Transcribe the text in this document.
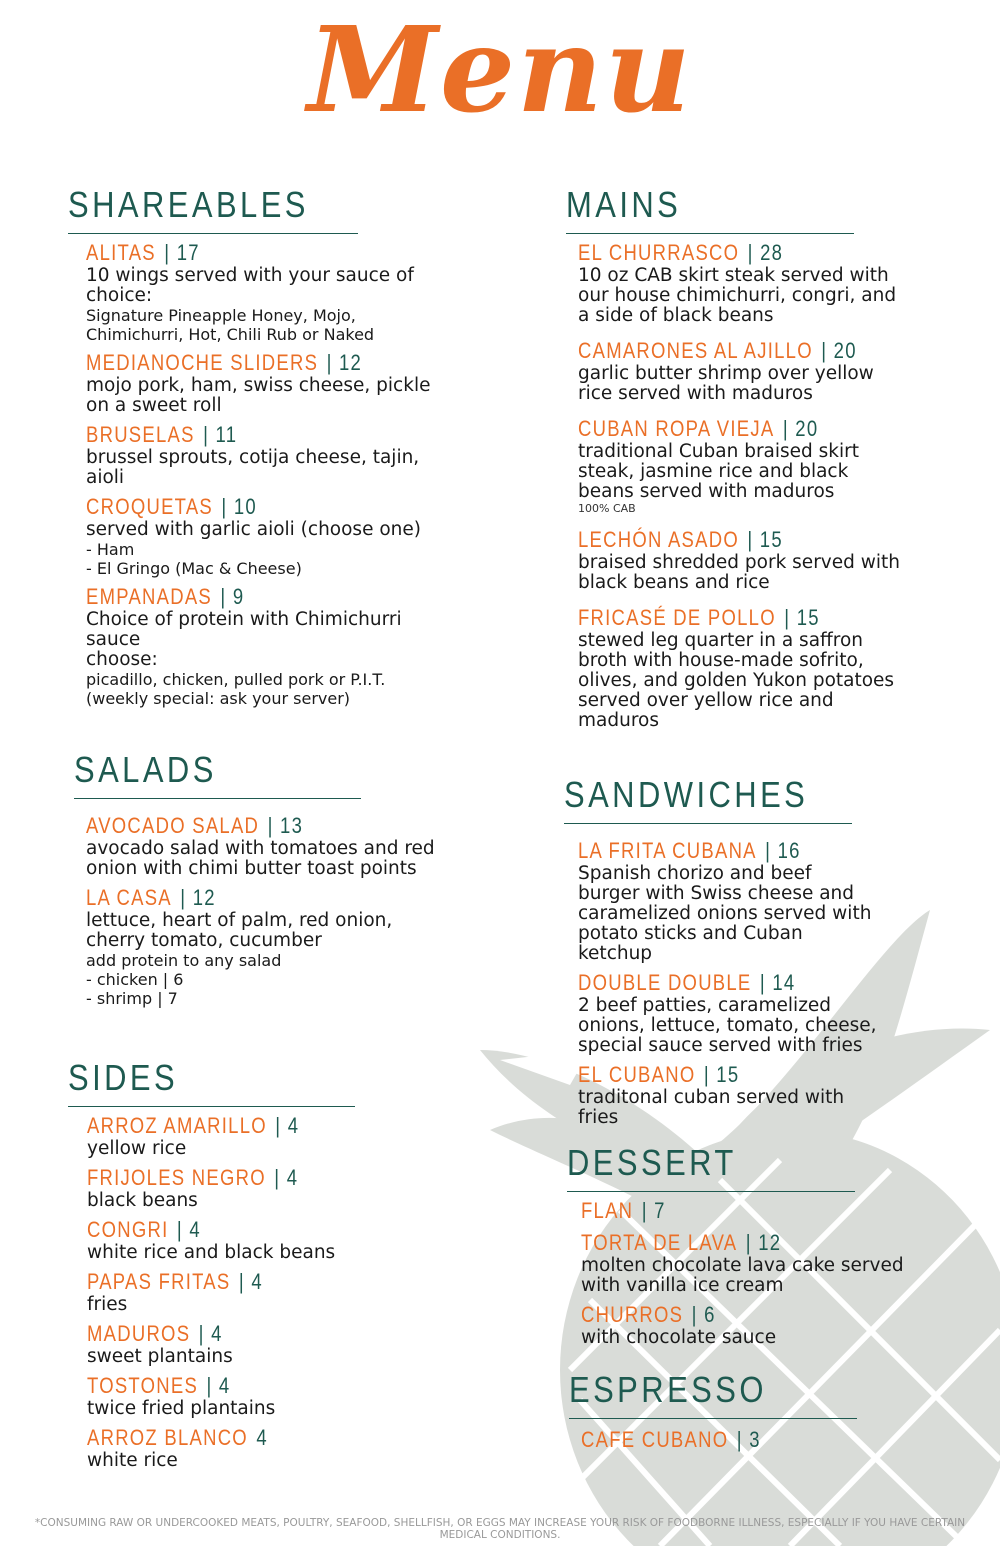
Menu
SHAREABLES
ALITAS | 17
10 wings served with your sauce of choice:
Signature Pineapple Honey, Mojo, Chimichurri, Hot, Chili Rub or Naked
MEDIANOCHE SLIDERS | 12
mojo pork, ham, swiss cheese, pickle on a sweet roll
BRUSELAS | 11
brussel sprouts, cotija cheese, tajin, aioli
CROQUETAS | 10
served with garlic aioli (choose one)
- Ham
- El Gringo (Mac & Cheese)
EMPANADAS | 9
Choice of protein with Chimichurri sauce
choose:
picadillo, chicken, pulled pork or P.I.T.
(weekly special: ask your server)
SALADS
AVOCADO SALAD | 13
avocado salad with tomatoes and red onion with chimi butter toast points
LA CASA | 12
lettuce, heart of palm, red onion, cherry tomato, cucumber
add protein to any salad
- chicken | 6
- shrimp | 7
SIDES
ARROZ AMARILLO | 4
yellow rice
FRIJOLES NEGRO | 4
black beans
CONGRI | 4
white rice and black beans
PAPAS FRITAS | 4
fries
MADUROS | 4
sweet plantains
TOSTONES | 4
twice fried plantains
ARROZ BLANCO 4
white rice
MAINS
EL CHURRASCO | 28
10 oz CAB skirt steak served with our house chimichurri, congri, and a side of black beans
CAMARONES AL AJILLO | 20
garlic butter shrimp over yellow rice served with maduros
CUBAN ROPA VIEJA | 20
traditional Cuban braised skirt steak, jasmine rice and black beans served with maduros
100% CAB
LECHÓN ASADO | 15
braised shredded pork served with black beans and rice
FRICASÉ DE POLLO | 15
stewed leg quarter in a saffron broth with house-made sofrito, olives, and golden Yukon potatoes served over yellow rice and maduros
SANDWICHES
LA FRITA CUBANA | 16
Spanish chorizo and beef burger with Swiss cheese and caramelized onions served with potato sticks and Cuban ketchup
DOUBLE DOUBLE | 14
2 beef patties, caramelized onions, lettuce, tomato, cheese, special sauce served with fries
EL CUBANO | 15
traditonal cuban served with fries
DESSERT
FLAN | 7
TORTA DE LAVA | 12
molten chocolate lava cake served with vanilla ice cream
CHURROS | 6
with chocolate sauce
ESPRESSO
CAFE CUBANO | 3
*CONSUMING RAW OR UNDERCOOKED MEATS, POULTRY, SEAFOOD, SHELLFISH, OR EGGS MAY INCREASE YOUR RISK OF FOODBORNE ILLNESS, ESPECIALLY IF YOU HAVE CERTAIN MEDICAL CONDITIONS.
